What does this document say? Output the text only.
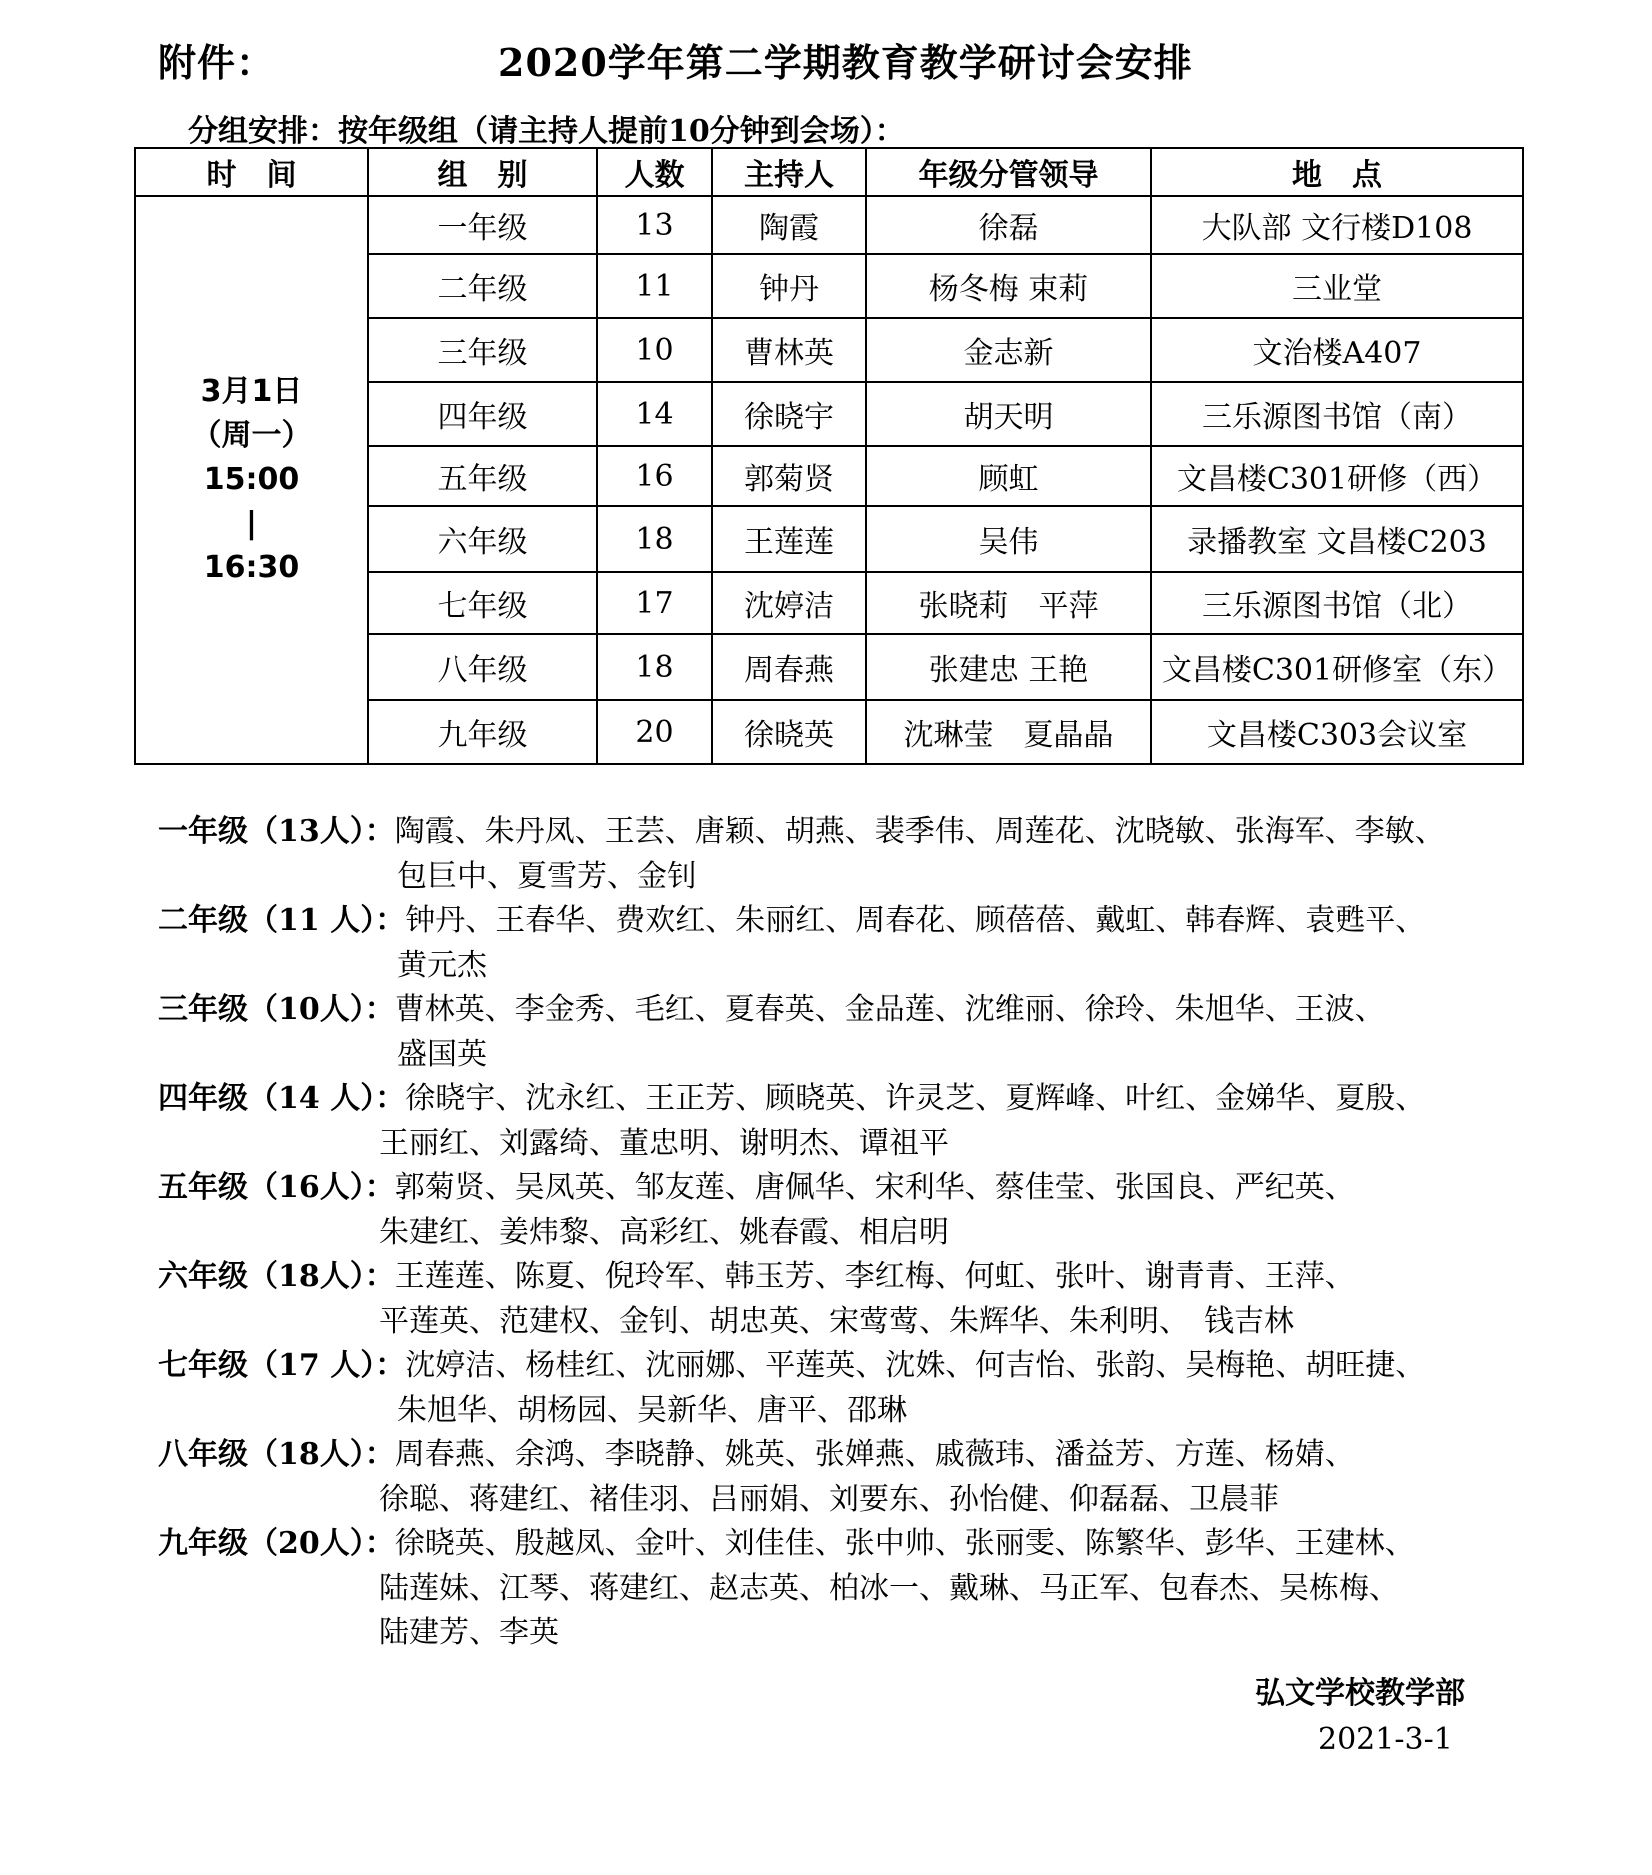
附件：	2020学年第二学期教育教学研讨会安排
分组安排：按年级组（请主持人提前10分钟到会场）：
时　间	组　别	人数	主持人	年级分管领导	地　点

3月1日
（周一）
15:00
|
16:30	一年级	13	陶霞	徐磊	大队部 文行楼D108
	二年级	11	钟丹	杨冬梅 束莉	三业堂
	三年级	10	曹林英	金志新	文治楼A407
	四年级	14	徐晓宇	胡天明	三乐源图书馆（南）
	五年级	16	郭菊贤	顾虹	文昌楼C301研修（西）
	六年级	18	王莲莲	吴伟	录播教室 文昌楼C203
	七年级	17	沈婷洁	张晓莉　平萍	三乐源图书馆（北）
	八年级	18	周春燕	张建忠 王艳	文昌楼C301研修室（东）
	九年级	20	徐晓英	沈琳莹　夏晶晶	文昌楼C303会议室
一年级（13人）： 陶霞、朱丹凤、王芸、唐颖、胡燕、裴季伟、周莲花、沈晓敏、张海军、李敏、
包巨中、夏雪芳、金钊
二年级（11 人）： 钟丹、王春华、费欢红、朱丽红、周春花、顾蓓蓓、戴虹、韩春辉、袁甦平、
黄元杰
三年级（10人）： 曹林英、李金秀、毛红、夏春英、金品莲、沈维丽、徐玲、朱旭华、王波、
盛国英
四年级（14 人）： 徐晓宇、沈永红、王正芳、顾晓英、许灵芝、夏辉峰、叶红、金娣华、夏殷、
王丽红、刘露绮、董忠明、谢明杰、谭祖平
五年级（16人）： 郭菊贤、吴凤英、邹友莲、唐佩华、宋利华、蔡佳莹、张国良、严纪英、
朱建红、姜炜黎、高彩红、姚春霞、相启明
六年级（18人）： 王莲莲、陈夏、倪玲军、韩玉芳、李红梅、何虹、张叶、谢青青、王萍、
平莲英、范建权、金钊、胡忠英、宋莺莺、朱辉华、朱利明、　钱吉林
七年级（17 人）： 沈婷洁、杨桂红、沈丽娜、平莲英、沈姝、何吉怡、张韵、吴梅艳、胡旺捷、
朱旭华、胡杨园、吴新华、唐平、邵琳
八年级（18人）： 周春燕、余鸿、李晓静、姚英、张婵燕、戚薇玮、潘益芳、方莲、杨婧、
徐聪、蒋建红、褚佳羽、吕丽娟、刘要东、孙怡健、仰磊磊、卫晨菲
九年级（20人）： 徐晓英、殷越凤、金叶、刘佳佳、张中帅、张丽雯、陈繁华、彭华、王建林、
陆莲妹、江琴、蒋建红、赵志英、柏冰一、戴琳、马正军、包春杰、吴栋梅、
陆建芳、李英
弘文学校教学部
2021-3-1
